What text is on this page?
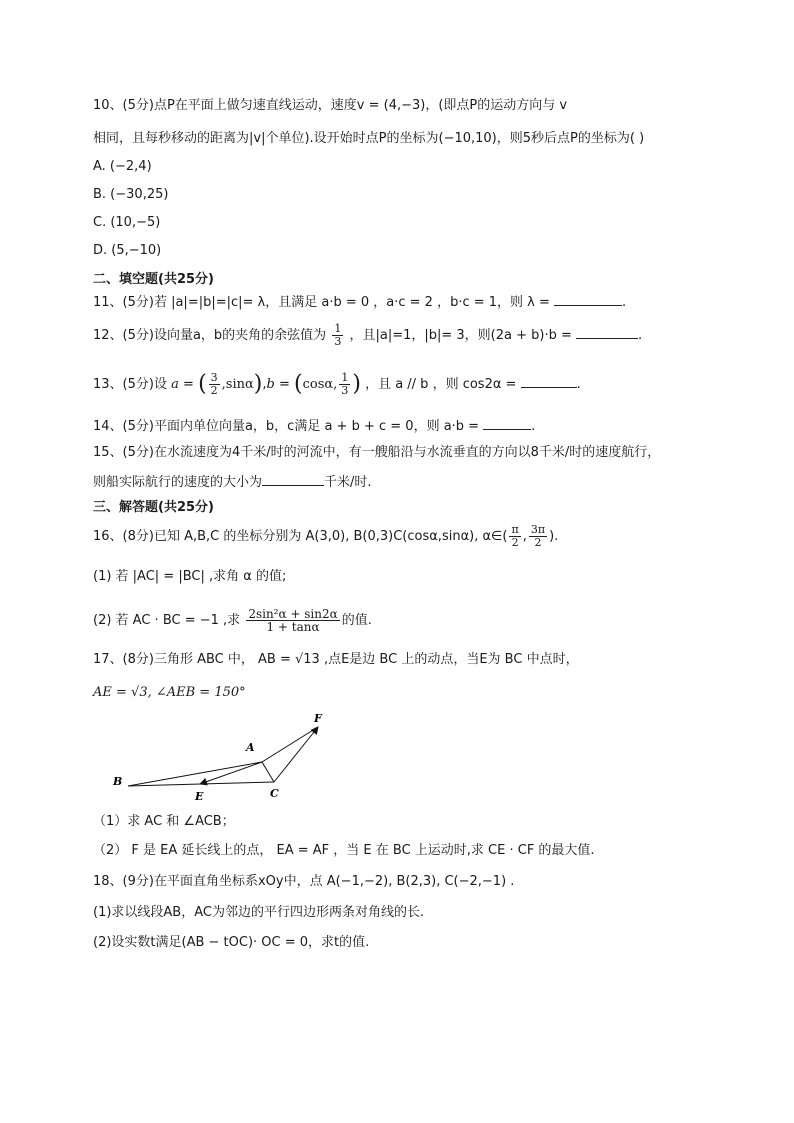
10、(5分)点P在平面上做匀速直线运动，速度v = (4,−3)，(即点P的运动方向与 v
相同，且每秒移动的距离为|v|个单位).设开始时点P的坐标为(−10,10)，则5秒后点P的坐标为( )
A. (−2,4)
B. (−30,25)
C. (10,−5)
D. (5,−10)
二、填空题(共25分)
11、(5分)若 |a|=|b|=|c|= λ，且满足 a·b = 0 ，a·c = 2 ，b·c = 1，则 λ =	.
12、(5分)设向量a，b的夹角的余弦值为 $\frac{1}{3}$ ，且|a|=1，|b|= 3，则(2a + b)·b =	.
13、(5分)设 a = ( $\frac{3}{2} ,\sin\alpha),b = (\cos\alpha$, $\frac{1}{3}$ ) ，且 a // b ，则 cos2α =	.
14、(5分)平面内单位向量a，b，c满足 a + b + c = 0，则 a·b =	.
15、(5分)在水流速度为4千米/时的河流中，有一艘船沿与水流垂直的方向以8千米/时的速度航行，
则船实际航行的速度的大小为	千米/时.
三、解答题(共25分)
16、(8分)已知 A,B,C 的坐标分别为 A(3,0), B(0,3)C(cosα,sinα), α∈( $\frac{\pi}{2}$ , $\frac{3\pi}{2}$ ).
(1) 若 |AC| = |BC| ,求角 α 的值;
(2) 若 AC · BC = −1 ,求 $\frac{\text{2sin²α + sin2α}}{1 + \tan\alpha}$ 的值.
17、(8分)三角形 ABC 中， AB = √13 ,点E是边 BC 上的动点，当E为 BC 中点时，
AE = √3, ∠AEB = 150°
F
A
B
E	C
（1）求 AC 和 ∠ACB；
（2） F 是 EA 延长线上的点， EA = AF ，当 E 在 BC 上运动时,求 CE · CF 的最大值.
18、(9分)在平面直角坐标系xOy中，点 A(−1,−2), B(2,3), C(−2,−1) .
(1)求以线段AB，AC为邻边的平行四边形两条对角线的长.
(2)设实数t满足(AB − tOC)· OC = 0，求t的值.
